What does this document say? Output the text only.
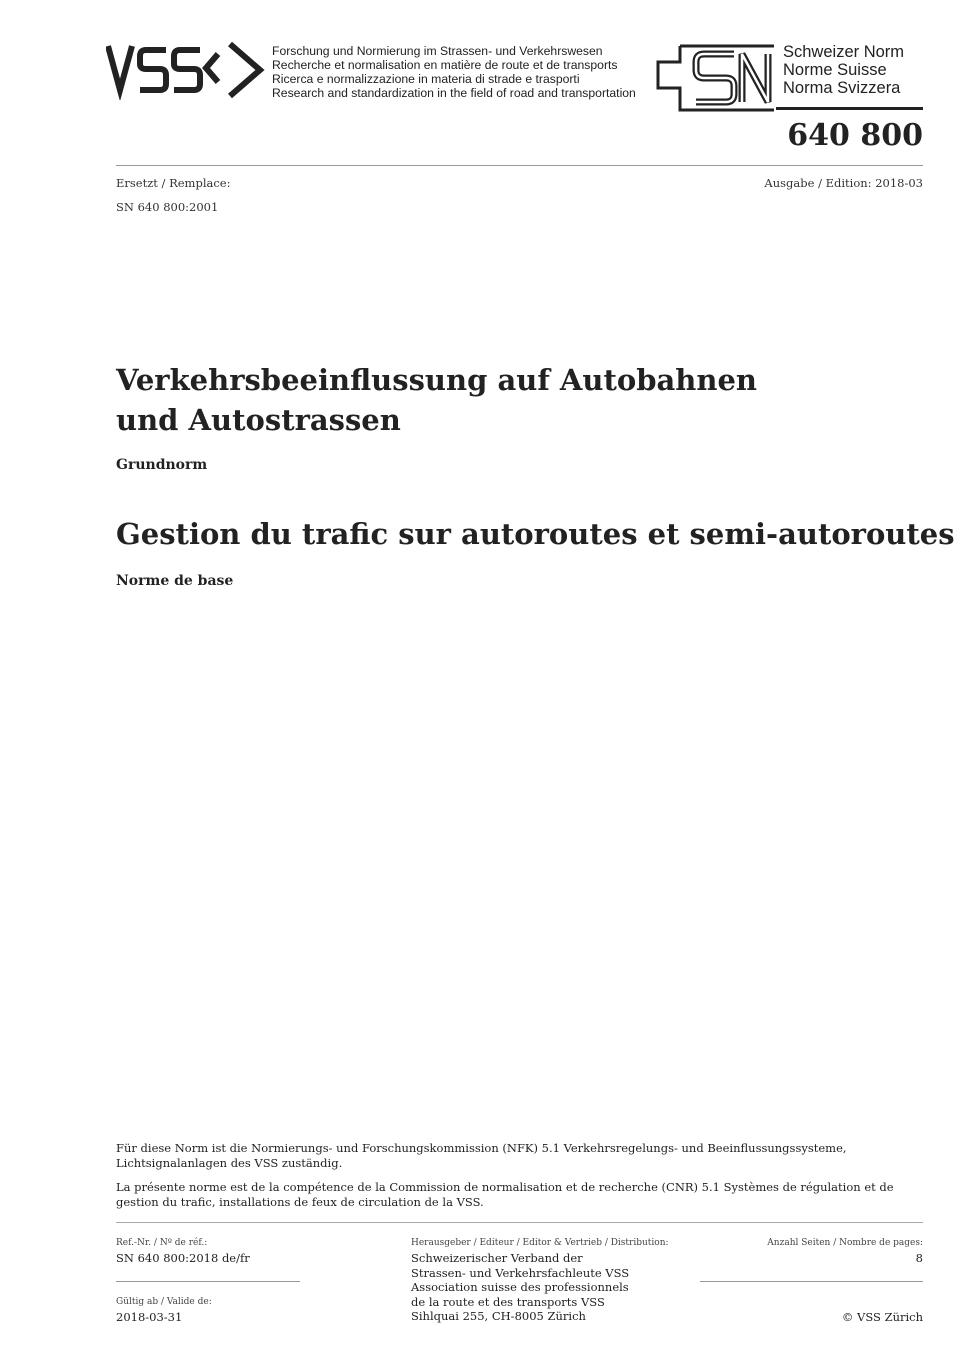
Forschung und Normierung im Strassen- und Verkehrswesen
Recherche et normalisation en matière de route et de transports
Ricerca e normalizzazione in materia di strade e trasporti
Research and standardization in the field of road and transportation
Schweizer Norm
Norme Suisse
Norma Svizzera
640 800
Ersetzt / Remplace:
SN 640 800:2001
Ausgabe / Edition: 2018-03
Verkehrsbeeinflussung auf Autobahnen
und Autostrassen
Grundnorm
Gestion du trafic sur autoroutes et semi-autoroutes
Norme de base
Für diese Norm ist die Normierungs- und Forschungskommission (NFK) 5.1 Verkehrsregelungs- und Beeinflussungssysteme, Lichtsignalanlagen des VSS zuständig.
La présente norme est de la compétence de la Commission de normalisation et de recherche (CNR) 5.1 Systèmes de régulation et de gestion du trafic, installations de feux de circulation de la VSS.
Ref.-Nr. / Nº de réf.:
SN 640 800:2018 de/fr
Gültig ab / Valide de:
2018-03-31
Herausgeber / Editeur / Editor & Vertrieb / Distribution:
Schweizerischer Verband der
Strassen- und Verkehrsfachleute VSS
Association suisse des professionnels
de la route et des transports VSS
Sihlquai 255, CH-8005 Zürich
Anzahl Seiten / Nombre de pages:
8
© VSS Zürich
